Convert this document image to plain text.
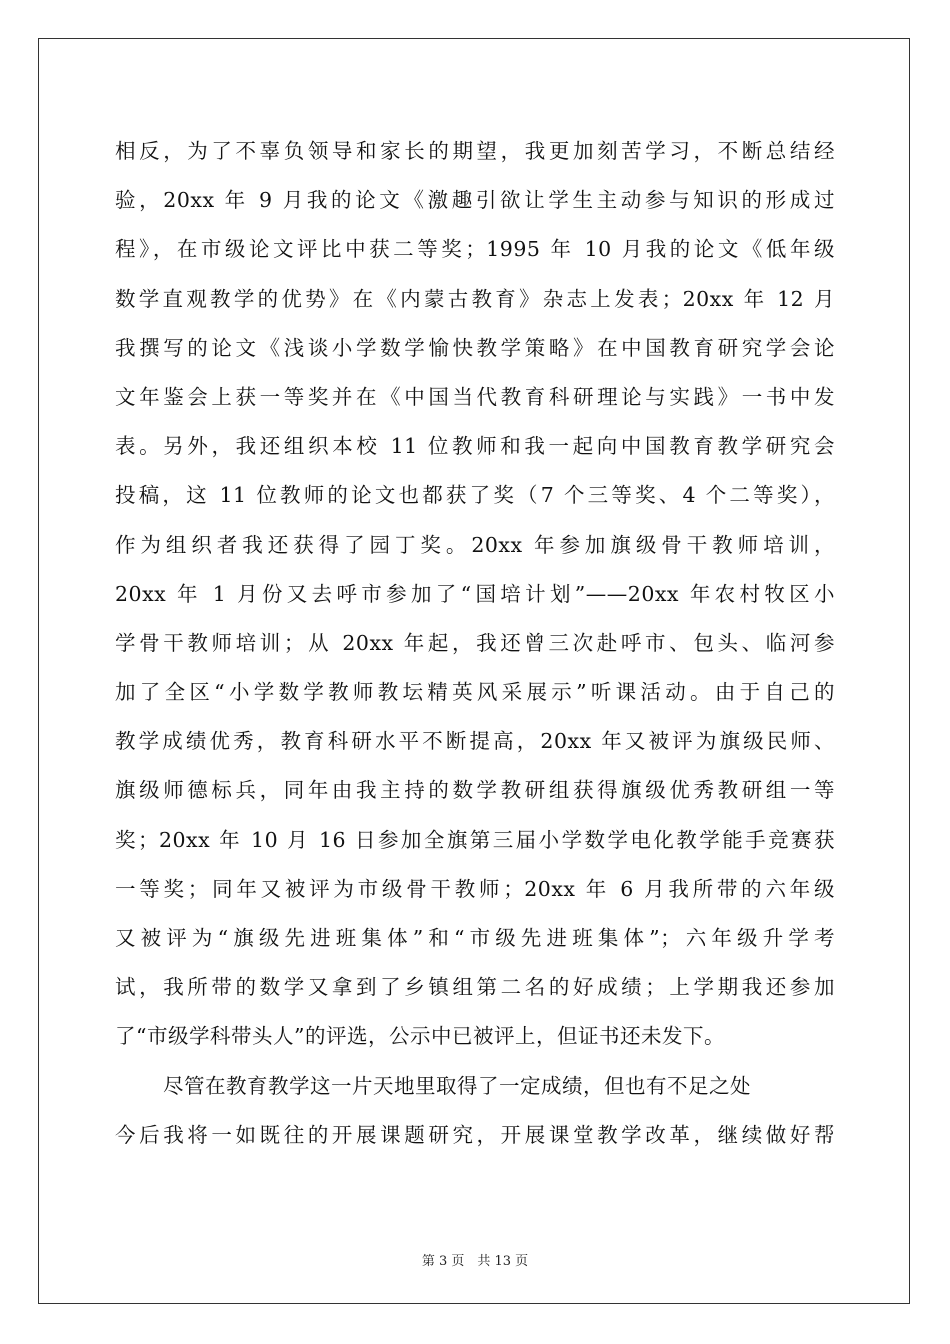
相反，为了不辜负领导和家长的期望，我更加刻苦学习，不断总结经
验，20xx 年 9 月我的论文《激趣引欲让学生主动参与知识的形成过
程》，在市级论文评比中获二等奖；1995 年 10 月我的论文《低年级
数学直观教学的优势》在《内蒙古教育》杂志上发表；20xx 年 12 月
我撰写的论文《浅谈小学数学愉快教学策略》在中国教育研究学会论
文年鉴会上获一等奖并在《中国当代教育科研理论与实践》一书中发
表。另外，我还组织本校 11 位教师和我一起向中国教育教学研究会
投稿，这 11 位教师的论文也都获了奖（7 个三等奖、4 个二等奖），
作为组织者我还获得了园丁奖。20xx 年参加旗级骨干教师培训，
20xx 年 1 月份又去呼市参加了“国培计划”——20xx 年农村牧区小
学骨干教师培训；从 20xx 年起，我还曾三次赴呼市、包头、临河参
加了全区“小学数学教师教坛精英风采展示”听课活动。由于自己的
教学成绩优秀，教育科研水平不断提高，20xx 年又被评为旗级民师、
旗级师德标兵，同年由我主持的数学教研组获得旗级优秀教研组一等
奖；20xx 年 10 月 16 日参加全旗第三届小学数学电化教学能手竞赛获
一等奖；同年又被评为市级骨干教师；20xx 年 6 月我所带的六年级
又被评为“旗级先进班集体”和“市级先进班集体”；六年级升学考
试，我所带的数学又拿到了乡镇组第二名的好成绩；上学期我还参加
了“市级学科带头人”的评选，公示中已被评上，但证书还未发下。
尽管在教育教学这一片天地里取得了一定成绩，但也有不足之处
今后我将一如既往的开展课题研究，开展课堂教学改革，继续做好帮
第 3 页　共 13 页
